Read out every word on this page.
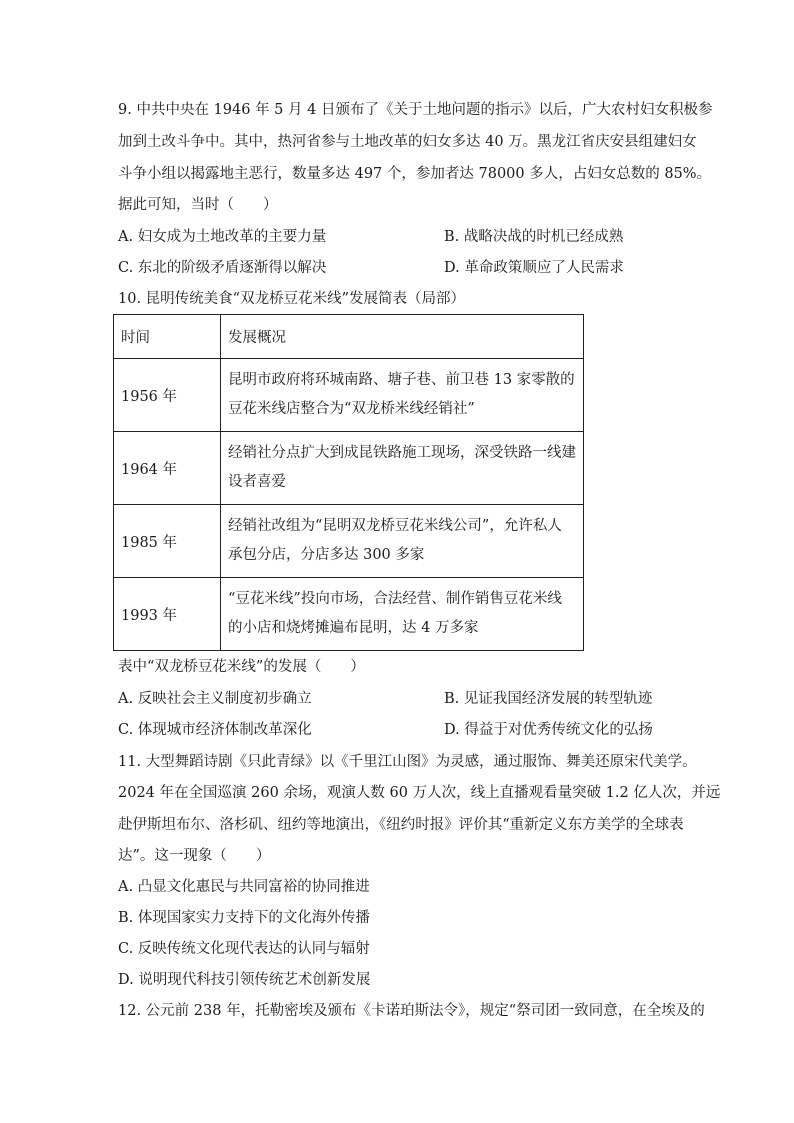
9. 中共中央在 1946 年 5 月 4 日颁布了《关于土地问题的指示》以后，广大农村妇女积极参
加到土改斗争中。其中，热河省参与土地改革的妇女多达 40 万。黑龙江省庆安县组建妇女
斗争小组以揭露地主恶行，数量多达 497 个，参加者达 78000 多人，占妇女总数的 85%。
据此可知，当时（　　）
A. 妇女成为土地改革的主要力量	B. 战略决战的时机已经成熟
C. 东北的阶级矛盾逐渐得以解决	D. 革命政策顺应了人民需求
10. 昆明传统美食“双龙桥豆花米线”发展简表（局部）
时间	发展概况
1956 年	昆明市政府将环城南路、塘子巷、前卫巷 13 家零散的豆花米线店整合为“双龙桥米线经销社”

1964 年	经销社分点扩大到成昆铁路施工现场，深受铁路一线建设者喜爱

1985 年	经销社改组为“昆明双龙桥豆花米线公司”，允许私人承包分店，分店多达 300 多家

1993 年	“豆花米线”投向市场，合法经营、制作销售豆花米线的小店和烧烤摊遍布昆明，达 4 万多家
表中“双龙桥豆花米线”的发展（　　）
A. 反映社会主义制度初步确立	B. 见证我国经济发展的转型轨迹
C. 体现城市经济体制改革深化	D. 得益于对优秀传统文化的弘扬
11. 大型舞蹈诗剧《只此青绿》以《千里江山图》为灵感，通过服饰、舞美还原宋代美学。
2024 年在全国巡演 260 余场，观演人数 60 万人次，线上直播观看量突破 1.2 亿人次，并远
赴伊斯坦布尔、洛杉矶、纽约等地演出，《纽约时报》评价其“重新定义东方美学的全球表
达”。这一现象（　　）
A. 凸显文化惠民与共同富裕的协同推进
B. 体现国家实力支持下的文化海外传播
C. 反映传统文化现代表达的认同与辐射
D. 说明现代科技引领传统艺术创新发展
12. 公元前 238 年，托勒密埃及颁布《卡诺珀斯法令》，规定“祭司团一致同意，在全埃及的
